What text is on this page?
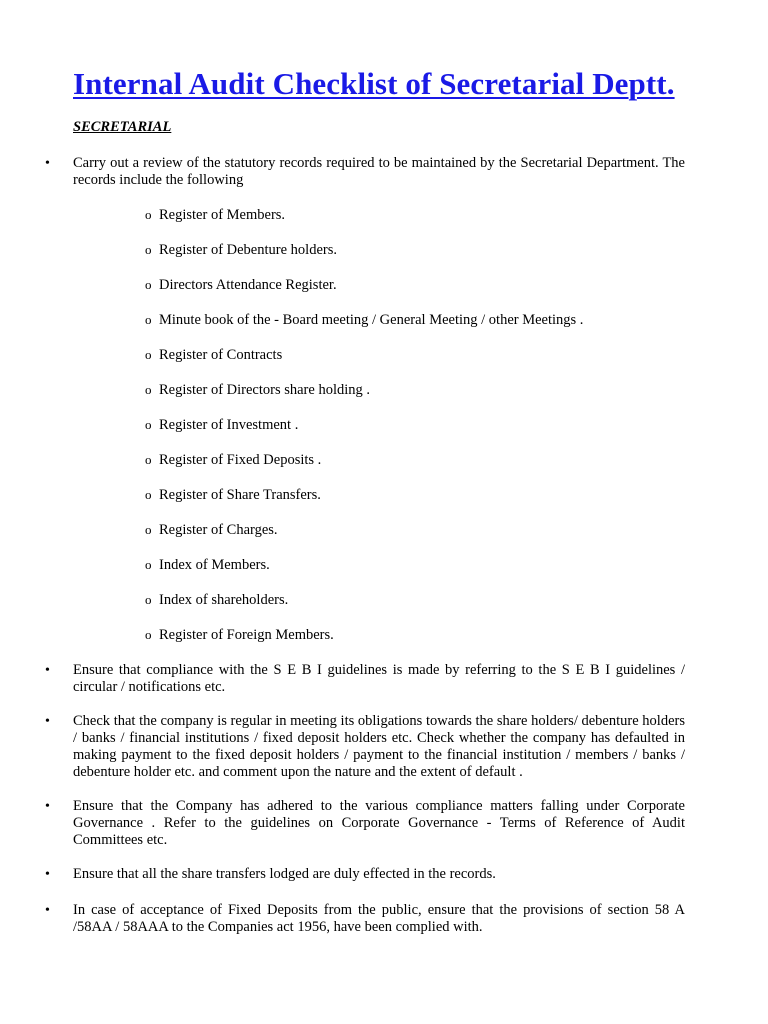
Internal Audit Checklist of Secretarial Deptt.
SECRETARIAL
• Carry out a review of the statutory records required to be maintained by the Secretarial Department. The records include the following
o Register of Members.
o Register of Debenture holders.
o Directors Attendance Register.
o Minute book of the - Board meeting / General Meeting / other Meetings .
o Register of Contracts
o Register of Directors share holding .
o Register of Investment .
o Register of Fixed Deposits .
o Register of Share Transfers.
o Register of Charges.
o Index of Members.
o Index of shareholders.
o Register of Foreign Members.
• Ensure that compliance with the S E B I guidelines is made by referring to the S E B I guidelines / circular / notifications etc.
• Check that the company is regular in meeting its obligations towards the share holders/ debenture holders / banks / financial institutions / fixed deposit holders etc. Check whether the company has defaulted in making payment to the fixed deposit holders / payment to the financial institution / members / banks / debenture holder etc. and comment upon the nature and the extent of default .
• Ensure that the Company has adhered to the various compliance matters falling under Corporate Governance . Refer to the guidelines on Corporate Governance - Terms of Reference of Audit Committees etc.
• Ensure that all the share transfers lodged are duly effected in the records.
• In case of acceptance of Fixed Deposits from the public, ensure that the provisions of section 58 A /58AA / 58AAA to the Companies act 1956, have been complied with.
